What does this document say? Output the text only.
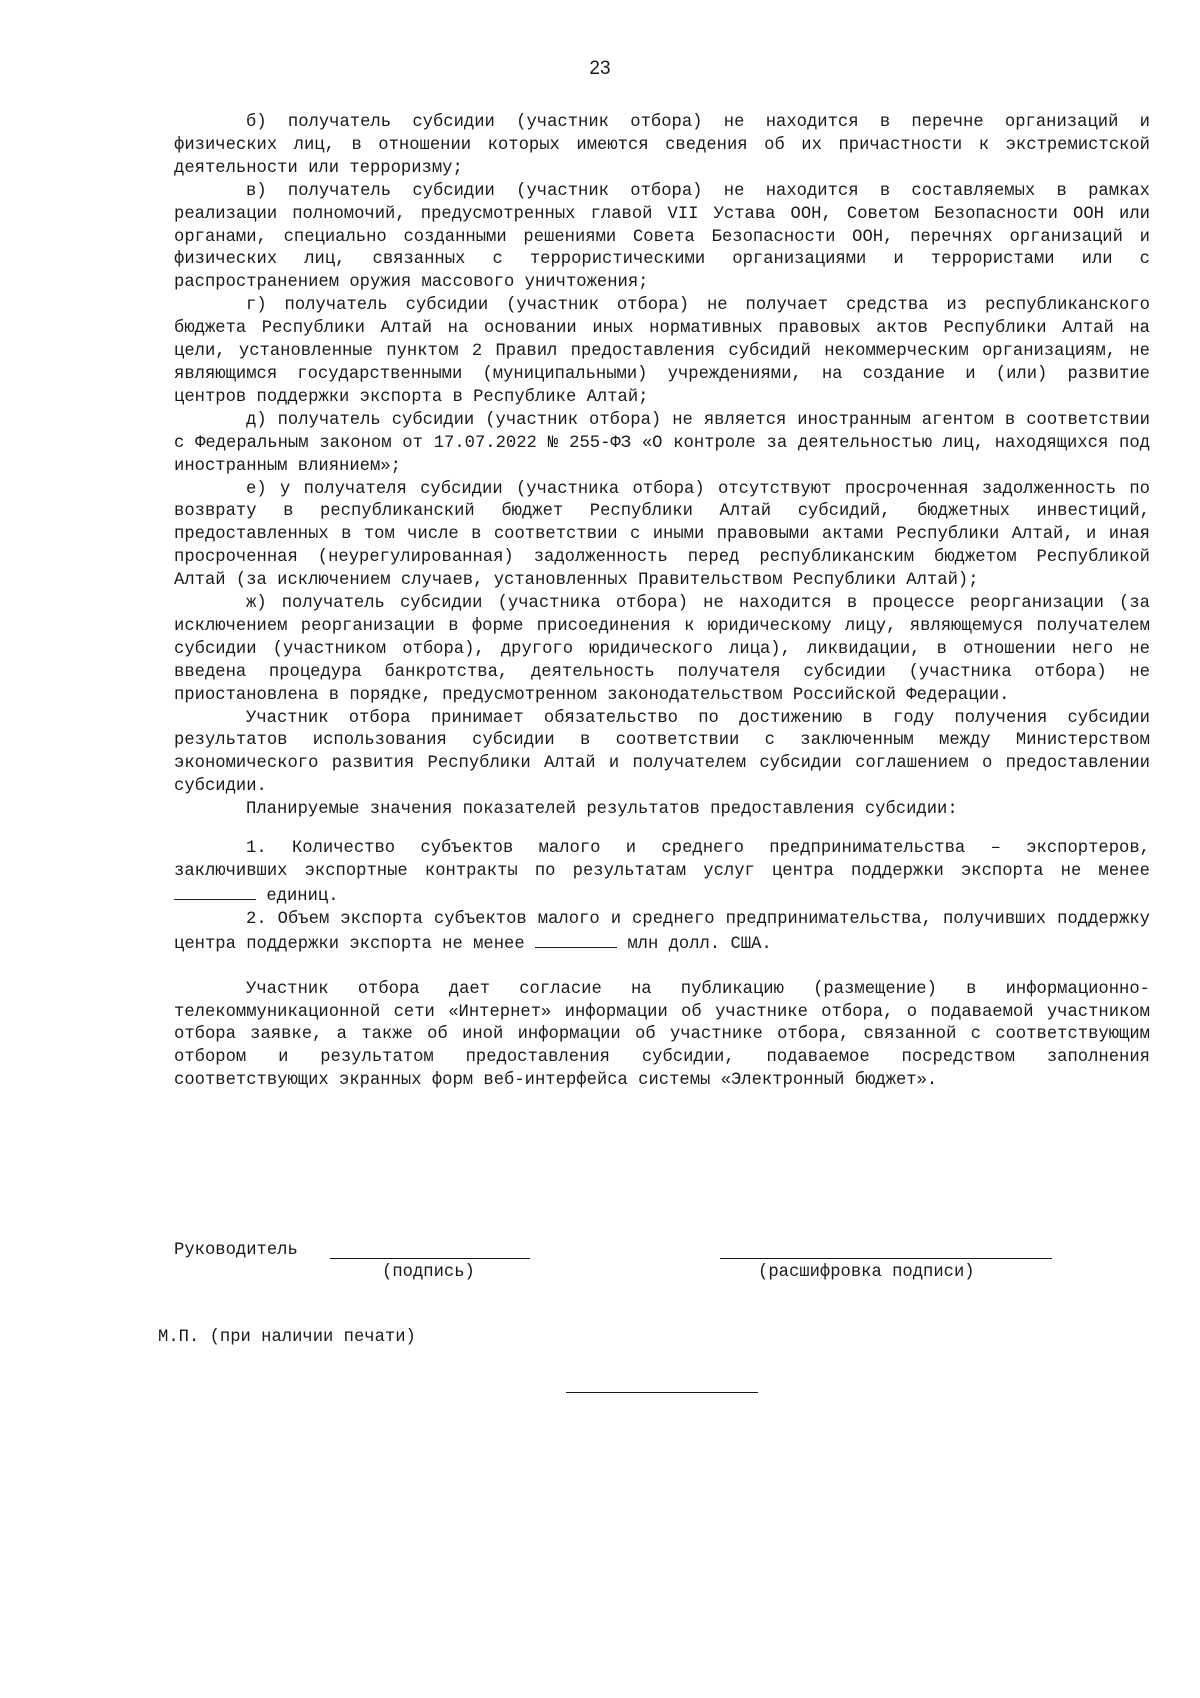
23

б) получатель субсидии (участник отбора) не находится в перечне организаций и физических лиц, в отношении которых имеются сведения об их причастности к экстремистской деятельности или терроризму;

в) получатель субсидии (участник отбора) не находится в составляемых в рамках реализации полномочий, предусмотренных главой VII Устава ООН, Советом Безопасности ООН или органами, специально созданными решениями Совета Безопасности ООН, перечнях организаций и физических лиц, связанных с террористическими организациями и террористами или с распространением оружия массового уничтожения;

г) получатель субсидии (участник отбора) не получает средства из республиканского бюджета Республики Алтай на основании иных нормативных правовых актов Республики Алтай на цели, установленные пунктом 2 Правил предоставления субсидий некоммерческим организациям, не являющимся государственными (муниципальными) учреждениями, на создание и (или) развитие центров поддержки экспорта в Республике Алтай;

д) получатель субсидии (участник отбора) не является иностранным агентом в соответствии с Федеральным законом от 17.07.2022 № 255-ФЗ «О контроле за деятельностью лиц, находящихся под иностранным влиянием»;

е) у получателя субсидии (участника отбора) отсутствуют просроченная задолженность по возврату в республиканский бюджет Республики Алтай субсидий, бюджетных инвестиций, предоставленных в том числе в соответствии с иными правовыми актами Республики Алтай, и иная просроченная (неурегулированная) задолженность перед республиканским бюджетом Республикой Алтай (за исключением случаев, установленных Правительством Республики Алтай);

ж) получатель субсидии (участника отбора) не находится в процессе реорганизации (за исключением реорганизации в форме присоединения к юридическому лицу, являющемуся получателем субсидии (участником отбора), другого юридического лица), ликвидации, в отношении него не введена процедура банкротства, деятельность получателя субсидии (участника отбора) не приостановлена в порядке, предусмотренном законодательством Российской Федерации.

Участник отбора принимает обязательство по достижению в году получения субсидии результатов использования субсидии в соответствии с заключенным между Министерством экономического развития Республики Алтай и получателем субсидии соглашением о предоставлении субсидии.

Планируемые значения показателей результатов предоставления субсидии:

1. Количество субъектов малого и среднего предпринимательства – экспортеров, заключивших экспортные контракты по результатам услуг центра поддержки экспорта не менее  единиц.

2. Объем экспорта субъектов малого и среднего предпринимательства, получивших поддержку центра поддержки экспорта не менее	млн долл. США.

Участник отбора дает согласие на публикацию (размещение) в информационно-телекоммуникационной сети «Интернет» информации об участнике отбора, о подаваемой участником отбора заявке, а также об иной информации об участнике отбора, связанной с соответствующим отбором и результатом предоставления субсидии, подаваемое посредством заполнения соответствующих экранных форм веб-интерфейса системы «Электронный бюджет».

Руководитель
(подпись)	(расшифровка подписи)
М.П. (при наличии печати)
